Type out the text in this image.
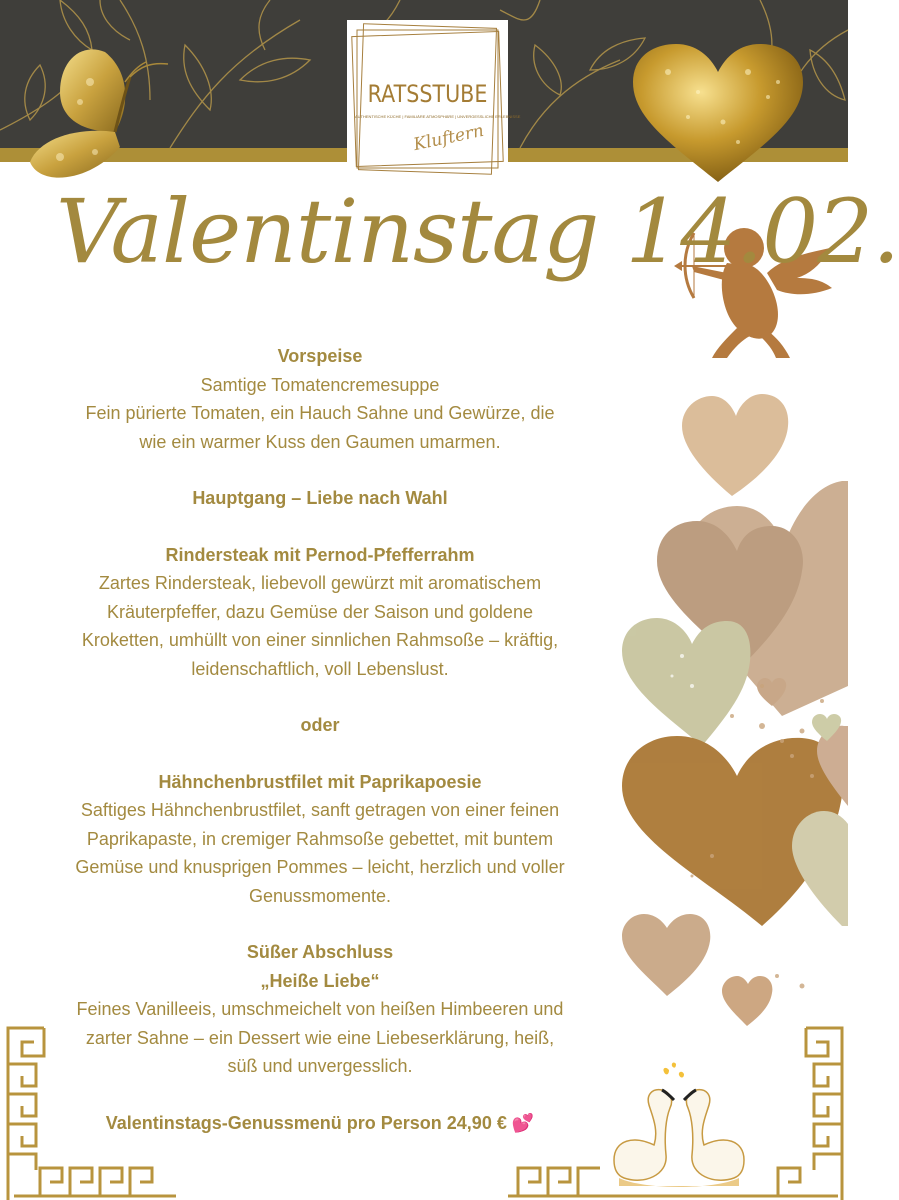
RATSSTUBE
AUTHENTISCHE KÜCHE | FAMILIÄRE ATMOSPHÄRE | UNVERGESSLICHE ERLEBNISSE
Kluftern
Valentinstag 14.02.

Vorspeise

Samtige Tomatencremesuppe

Fein pürierte Tomaten, ein Hauch Sahne und Gewürze, die

wie ein warmer Kuss den Gaumen umarmen.

Hauptgang – Liebe nach Wahl

Rindersteak mit Pernod-Pfefferrahm

Zartes Rindersteak, liebevoll gewürzt mit aromatischem

Kräuterpfeffer, dazu Gemüse der Saison und goldene

Kroketten, umhüllt von einer sinnlichen Rahmsoße – kräftig,

leidenschaftlich, voll Lebenslust.

oder

Hähnchenbrustfilet mit Paprikapoesie

Saftiges Hähnchenbrustfilet, sanft getragen von einer feinen

Paprikapaste, in cremiger Rahmsoße gebettet, mit buntem

Gemüse und knusprigen Pommes – leicht, herzlich und voller

Genussmomente.

Süßer Abschluss

„Heiße Liebe“

Feines Vanilleeis, umschmeichelt von heißen Himbeeren und

zarter Sahne – ein Dessert wie eine Liebeserklärung, heiß,

süß und unvergesslich.

Valentinstags-Genussmenü pro Person 24,90 € 💕
